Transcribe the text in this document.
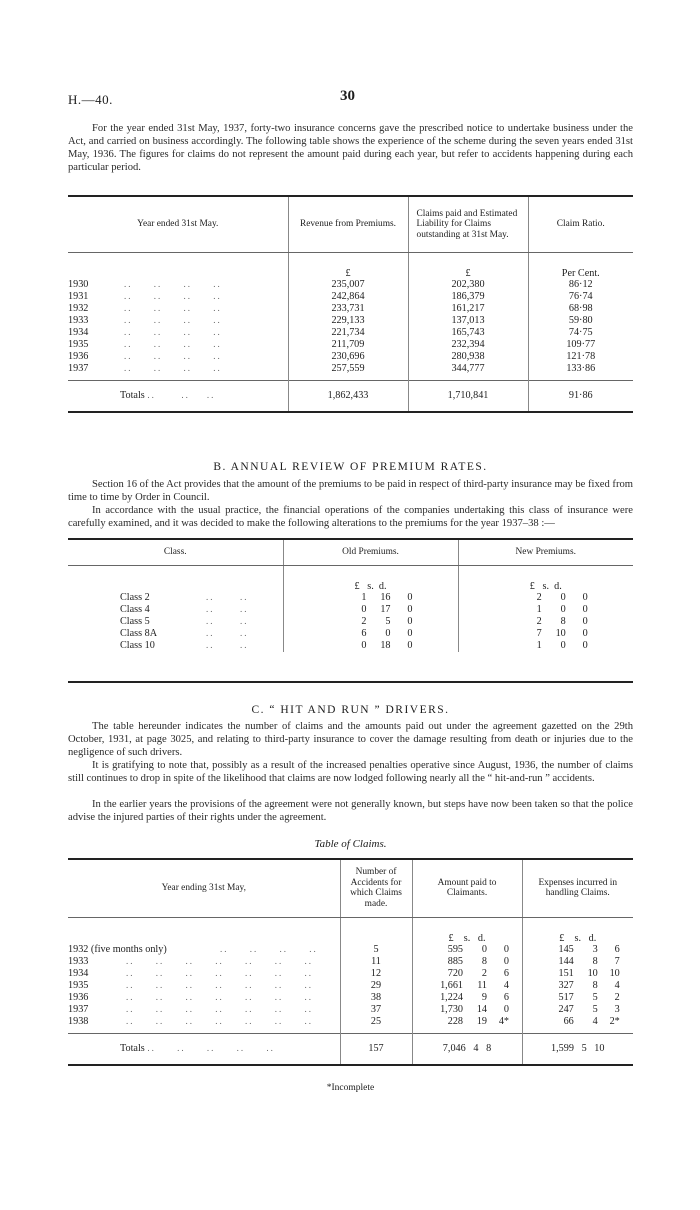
H.—40.	30

For the year ended 31st May, 1937, forty-two insurance concerns gave the prescribed notice to undertake business under the Act, and carried on business accordingly. The following table shows the experience of the scheme during the seven years ended 31st May, 1936. The figures for claims do not represent the amount paid during each year, but refer to accidents happening during each particular period.

Year ended 31st May.	Revenue from Premiums.	Claims paid and Estimated Liability for Claims outstanding at 31st May.	Claim Ratio.
	£	£	Per Cent.
1930 ..     ..     ..     ..	235,007	202,380	86·12
1931 ..     ..     ..     ..	242,864	186,379	76·74
1932 ..     ..     ..     ..	233,731	161,217	68·98
1933 ..     ..     ..     ..	229,133	137,013	59·80
1934 ..     ..     ..     ..	221,734	165,743	74·75
1935 ..     ..     ..     ..	211,709	232,394	109·77
1936 ..     ..     ..     ..	230,696	280,938	121·78
1937 ..     ..     ..     ..	257,559	344,777	133·86
Totals ..      ..    ..	1,862,433	1,710,841	91·86
B. ANNUAL REVIEW OF PREMIUM RATES.

Section 16 of the Act provides that the amount of the premiums to be paid in respect of third-party insurance may be fixed from time to time by Order in Council.

In accordance with the usual practice, the financial operations of the companies undertaking this class of insurance were carefully examined, and it was decided to make the following alterations to the premiums for the year 1937–38 :—

Class.	Old Premiums.	New Premiums.
	£ s. d.	£ s. d.
Class 2 ..      ..	1 16 0	2 0 0
Class 4 ..      ..	0 17 0	1 0 0
Class 5 ..      ..	2 5 0	2 8 0
Class 8A ..      ..	6 0 0	7 10 0
Class 10 ..      ..	0 18 0	1 0 0
C. “ HIT AND RUN ” DRIVERS.

The table hereunder indicates the number of claims and the amounts paid out under the agreement gazetted on the 29th October, 1931, at page 3025, and relating to third-party insurance to cover the damage resulting from death or injuries due to the negligence of such drivers.

It is gratifying to note that, possibly as a result of the increased penalties operative since August, 1936, the number of claims still continues to drop in spite of the likelihood that claims are now lodged following nearly all the “ hit-and-run ” accidents.

In the earlier years the provisions of the agreement were not generally known, but steps have now been taken so that the police advise the injured parties of their rights under the agreement.

Table of Claims.
Year ending 31st May,	Number of Accidents for which Claims made.	Amount paid to Claimants.	Expenses incurred in handling Claims.
		£ s. d.	£ s. d.
1932 (five months only) ..     ..     ..     ..	5	595 0 0	145 3 6
1933 ..     ..     ..     ..     ..     ..     ..	11	885 8 0	144 8 7
1934 ..     ..     ..     ..     ..     ..     ..	12	720 2 6	151 10 10
1935 ..     ..     ..     ..     ..     ..     ..	29	1,661 11 4	327 8 4
1936 ..     ..     ..     ..     ..     ..     ..	38	1,224 9 6	517 5 2
1937 ..     ..     ..     ..     ..     ..     ..	37	1,730 14 0	247 5 3
1938 ..     ..     ..     ..     ..     ..     ..	25	228 19 4*	66 4 2*
Totals ..     ..     ..     ..     ..	157	7,046 4 8	1,599 5 10
*Incomplete
